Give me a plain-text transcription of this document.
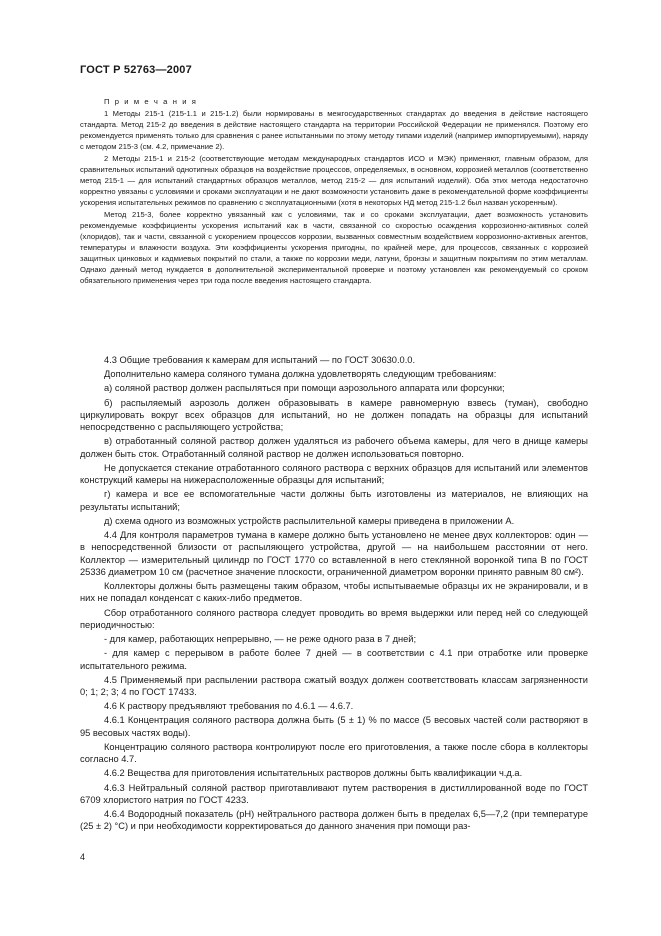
ГОСТ Р 52763—2007

П р и м е ч а н и я

1 Методы 215-1 (215-1.1 и 215-1.2) были нормированы в межгосударственных стандартах до введения в действие настоящего стандарта. Метод 215-2 до введения в действие настоящего стандарта на территории Российской Федерации не применялся. Поэтому его рекомендуется применять только для сравнения с ранее испытанными по этому методу типами изделий (например импортируемыми), наряду с методом 215-3 (см. 4.2, примечание 2).

2 Методы 215-1 и 215-2 (соответствующие методам международных стандартов ИСО и МЭК) применяют, главным образом, для сравнительных испытаний однотипных образцов на воздействие процессов, определяемых, в основном, коррозией металлов (соответственно метод 215-1 — для испытаний стандартных образцов металлов, метод 215-2 — для испытаний изделий). Оба этих метода недостаточно корректно увязаны с условиями и сроками эксплуатации и не дают возможности установить даже в рекомендательной форме коэффициенты ускорения испытательных режимов по сравнению с эксплуатационными (хотя в некоторых НД метод 215-1.2 был назван ускоренным).

Метод 215-3, более корректно увязанный как с условиями, так и со сроками эксплуатации, дает возможность установить рекомендуемые коэффициенты ускорения испытаний как в части, связанной со скоростью осаждения коррозионно-активных солей (хлоридов), так и части, связанной с ускорением процессов коррозии, вызванных совместным воздействием коррозионно-активных агентов, температуры и влажности воздуха. Эти коэффициенты ускорения пригодны, по крайней мере, для процессов, связанных с коррозией защитных цинковых и кадмиевых покрытий по стали, а также по коррозии меди, латуни, бронзы и защитным покрытиям по этим металлам. Однако данный метод нуждается в дополнительной экспериментальной проверке и поэтому установлен как рекомендуемый со сроком обязательного применения через три года после введения настоящего стандарта.

4.3 Общие требования к камерам для испытаний — по ГОСТ 30630.0.0.

Дополнительно камера соляного тумана должна удовлетворять следующим требованиям:

а) соляной раствор должен распыляться при помощи аэрозольного аппарата или форсунки;

б) распыляемый аэрозоль должен образовывать в камере равномерную взвесь (туман), свободно циркулировать вокруг всех образцов для испытаний, но не должен попадать на образцы для испытаний непосредственно с распыляющего устройства;

в) отработанный соляной раствор должен удаляться из рабочего объема камеры, для чего в днище камеры должен быть сток. Отработанный соляной раствор не должен использоваться повторно.

Не допускается стекание отработанного соляного раствора с верхних образцов для испытаний или элементов конструкций камеры на нижерасположенные образцы для испытаний;

г) камера и все ее вспомогательные части должны быть изготовлены из материалов, не влияющих на результаты испытаний;

д) схема одного из возможных устройств распылительной камеры приведена в приложении А.

4.4 Для контроля параметров тумана в камере должно быть установлено не менее двух коллекторов: один — в непосредственной близости от распыляющего устройства, другой — на наибольшем расстоянии от него. Коллектор — измерительный цилиндр по ГОСТ 1770 со вставленной в него стеклянной воронкой типа В по ГОСТ 25336 диаметром 10 см (расчетное значение плоскости, ограниченной диаметром воронки принято равным 80 см²).

Коллекторы должны быть размещены таким образом, чтобы испытываемые образцы их не экранировали, и в них не попадал конденсат с каких-либо предметов.

Сбор отработанного соляного раствора следует проводить во время выдержки или перед ней со следующей периодичностью:

- для камер, работающих непрерывно, — не реже одного раза в 7 дней;

- для камер с перерывом в работе более 7 дней — в соответствии с 4.1 при отработке или проверке испытательного режима.

4.5 Применяемый при распылении раствора сжатый воздух должен соответствовать классам загрязненности 0; 1; 2; 3; 4 по ГОСТ 17433.

4.6 К раствору предъявляют требования по 4.6.1 — 4.6.7.

4.6.1 Концентрация соляного раствора должна быть (5 ± 1) % по массе (5 весовых частей соли растворяют в 95 весовых частях воды).

Концентрацию соляного раствора контролируют после его приготовления, а также после сбора в коллекторы согласно 4.7.

4.6.2 Вещества для приготовления испытательных растворов должны быть квалификации ч.д.а.

4.6.3 Нейтральный соляной раствор приготавливают путем растворения в дистиллированной воде по ГОСТ 6709 хлористого натрия по ГОСТ 4233.

4.6.4 Водородный показатель (рН) нейтрального раствора должен быть в пределах 6,5—7,2 (при температуре (25 ± 2) °С) и при необходимости корректироваться до данного значения при помощи раз-

4
